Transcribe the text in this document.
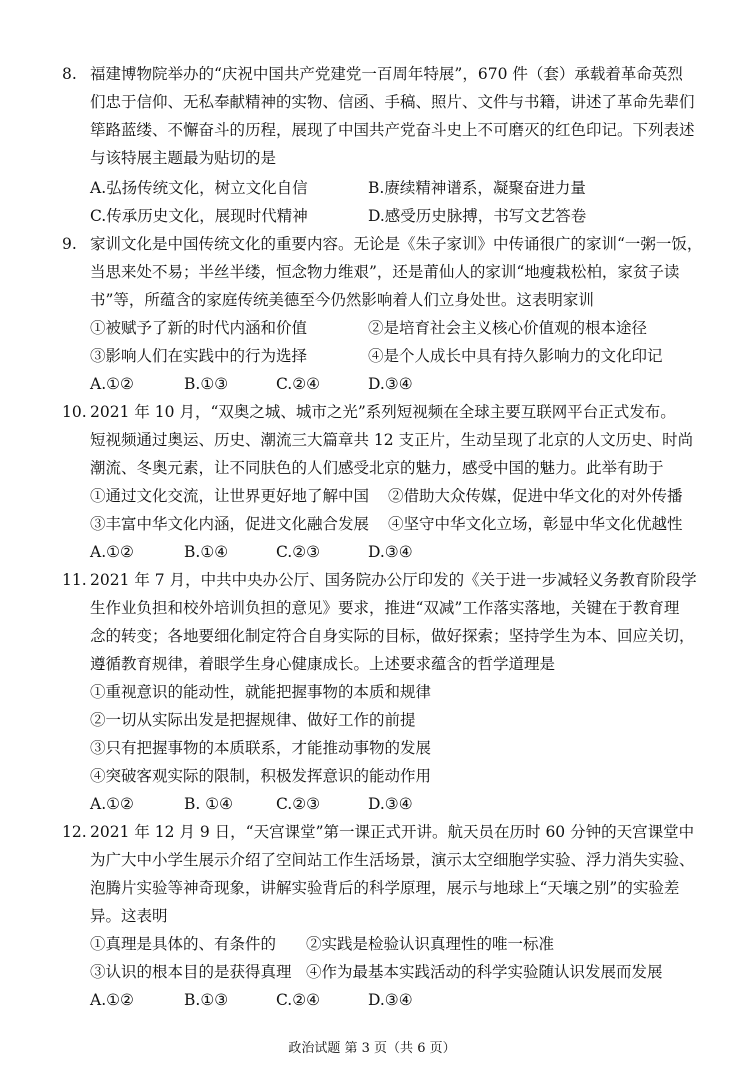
8. 福建博物院举办的“庆祝中国共产党建党一百周年特展”，670 件（套）承载着革命英烈
们忠于信仰、无私奉献精神的实物、信函、手稿、照片、文件与书籍，讲述了革命先辈们
筚路蓝缕、不懈奋斗的历程，展现了中国共产党奋斗史上不可磨灭的红色印记。下列表述
与该特展主题最为贴切的是
A.弘扬传统文化，树立文化自信	B.赓续精神谱系，凝聚奋进力量
C.传承历史文化，展现时代精神	D.感受历史脉搏，书写文艺答卷
9. 家训文化是中国传统文化的重要内容。无论是《朱子家训》中传诵很广的家训“一粥一饭，
当思来处不易；半丝半缕，恒念物力维艰”，还是莆仙人的家训“地瘦栽松柏，家贫子读
书”等，所蕴含的家庭传统美德至今仍然影响着人们立身处世。这表明家训
①被赋予了新的时代内涵和价值	②是培育社会主义核心价值观的根本途径
③影响人们在实践中的行为选择	④是个人成长中具有持久影响力的文化印记
A.①②	B.①③	C.②④	D.③④
10. 2021 年 10 月，“双奥之城、城市之光”系列短视频在全球主要互联网平台正式发布。
短视频通过奥运、历史、潮流三大篇章共 12 支正片，生动呈现了北京的人文历史、时尚
潮流、冬奥元素，让不同肤色的人们感受北京的魅力，感受中国的魅力。此举有助于
①通过文化交流，让世界更好地了解中国 ②借助大众传媒，促进中华文化的对外传播
③丰富中华文化内涵，促进文化融合发展 ④坚守中华文化立场，彰显中华文化优越性
A.①②	B.①④	C.②③	D.③④
11. 2021 年 7 月，中共中央办公厅、国务院办公厅印发的《关于进一步减轻义务教育阶段学
生作业负担和校外培训负担的意见》要求，推进“双减”工作落实落地，关键在于教育理
念的转变；各地要细化制定符合自身实际的目标，做好探索；坚持学生为本、回应关切，
遵循教育规律，着眼学生身心健康成长。上述要求蕴含的哲学道理是
①重视意识的能动性，就能把握事物的本质和规律
②一切从实际出发是把握规律、做好工作的前提
③只有把握事物的本质联系，才能推动事物的发展
④突破客观实际的限制，积极发挥意识的能动作用
A.①②	B. ①④	C.②③	D.③④
12. 2021 年 12 月 9 日，“天宫课堂”第一课正式开讲。航天员在历时 60 分钟的天宫课堂中
为广大中小学生展示介绍了空间站工作生活场景，演示太空细胞学实验、浮力消失实验、
泡腾片实验等神奇现象，讲解实验背后的科学原理，展示与地球上“天壤之别”的实验差
异。这表明
①真理是具体的、有条件的 ②实践是检验认识真理性的唯一标准
③认识的根本目的是获得真理 ④作为最基本实践活动的科学实验随认识发展而发展
A.①②	B.①③	C.②④	D.③④
政治试题 第 3 页（共 6 页）
